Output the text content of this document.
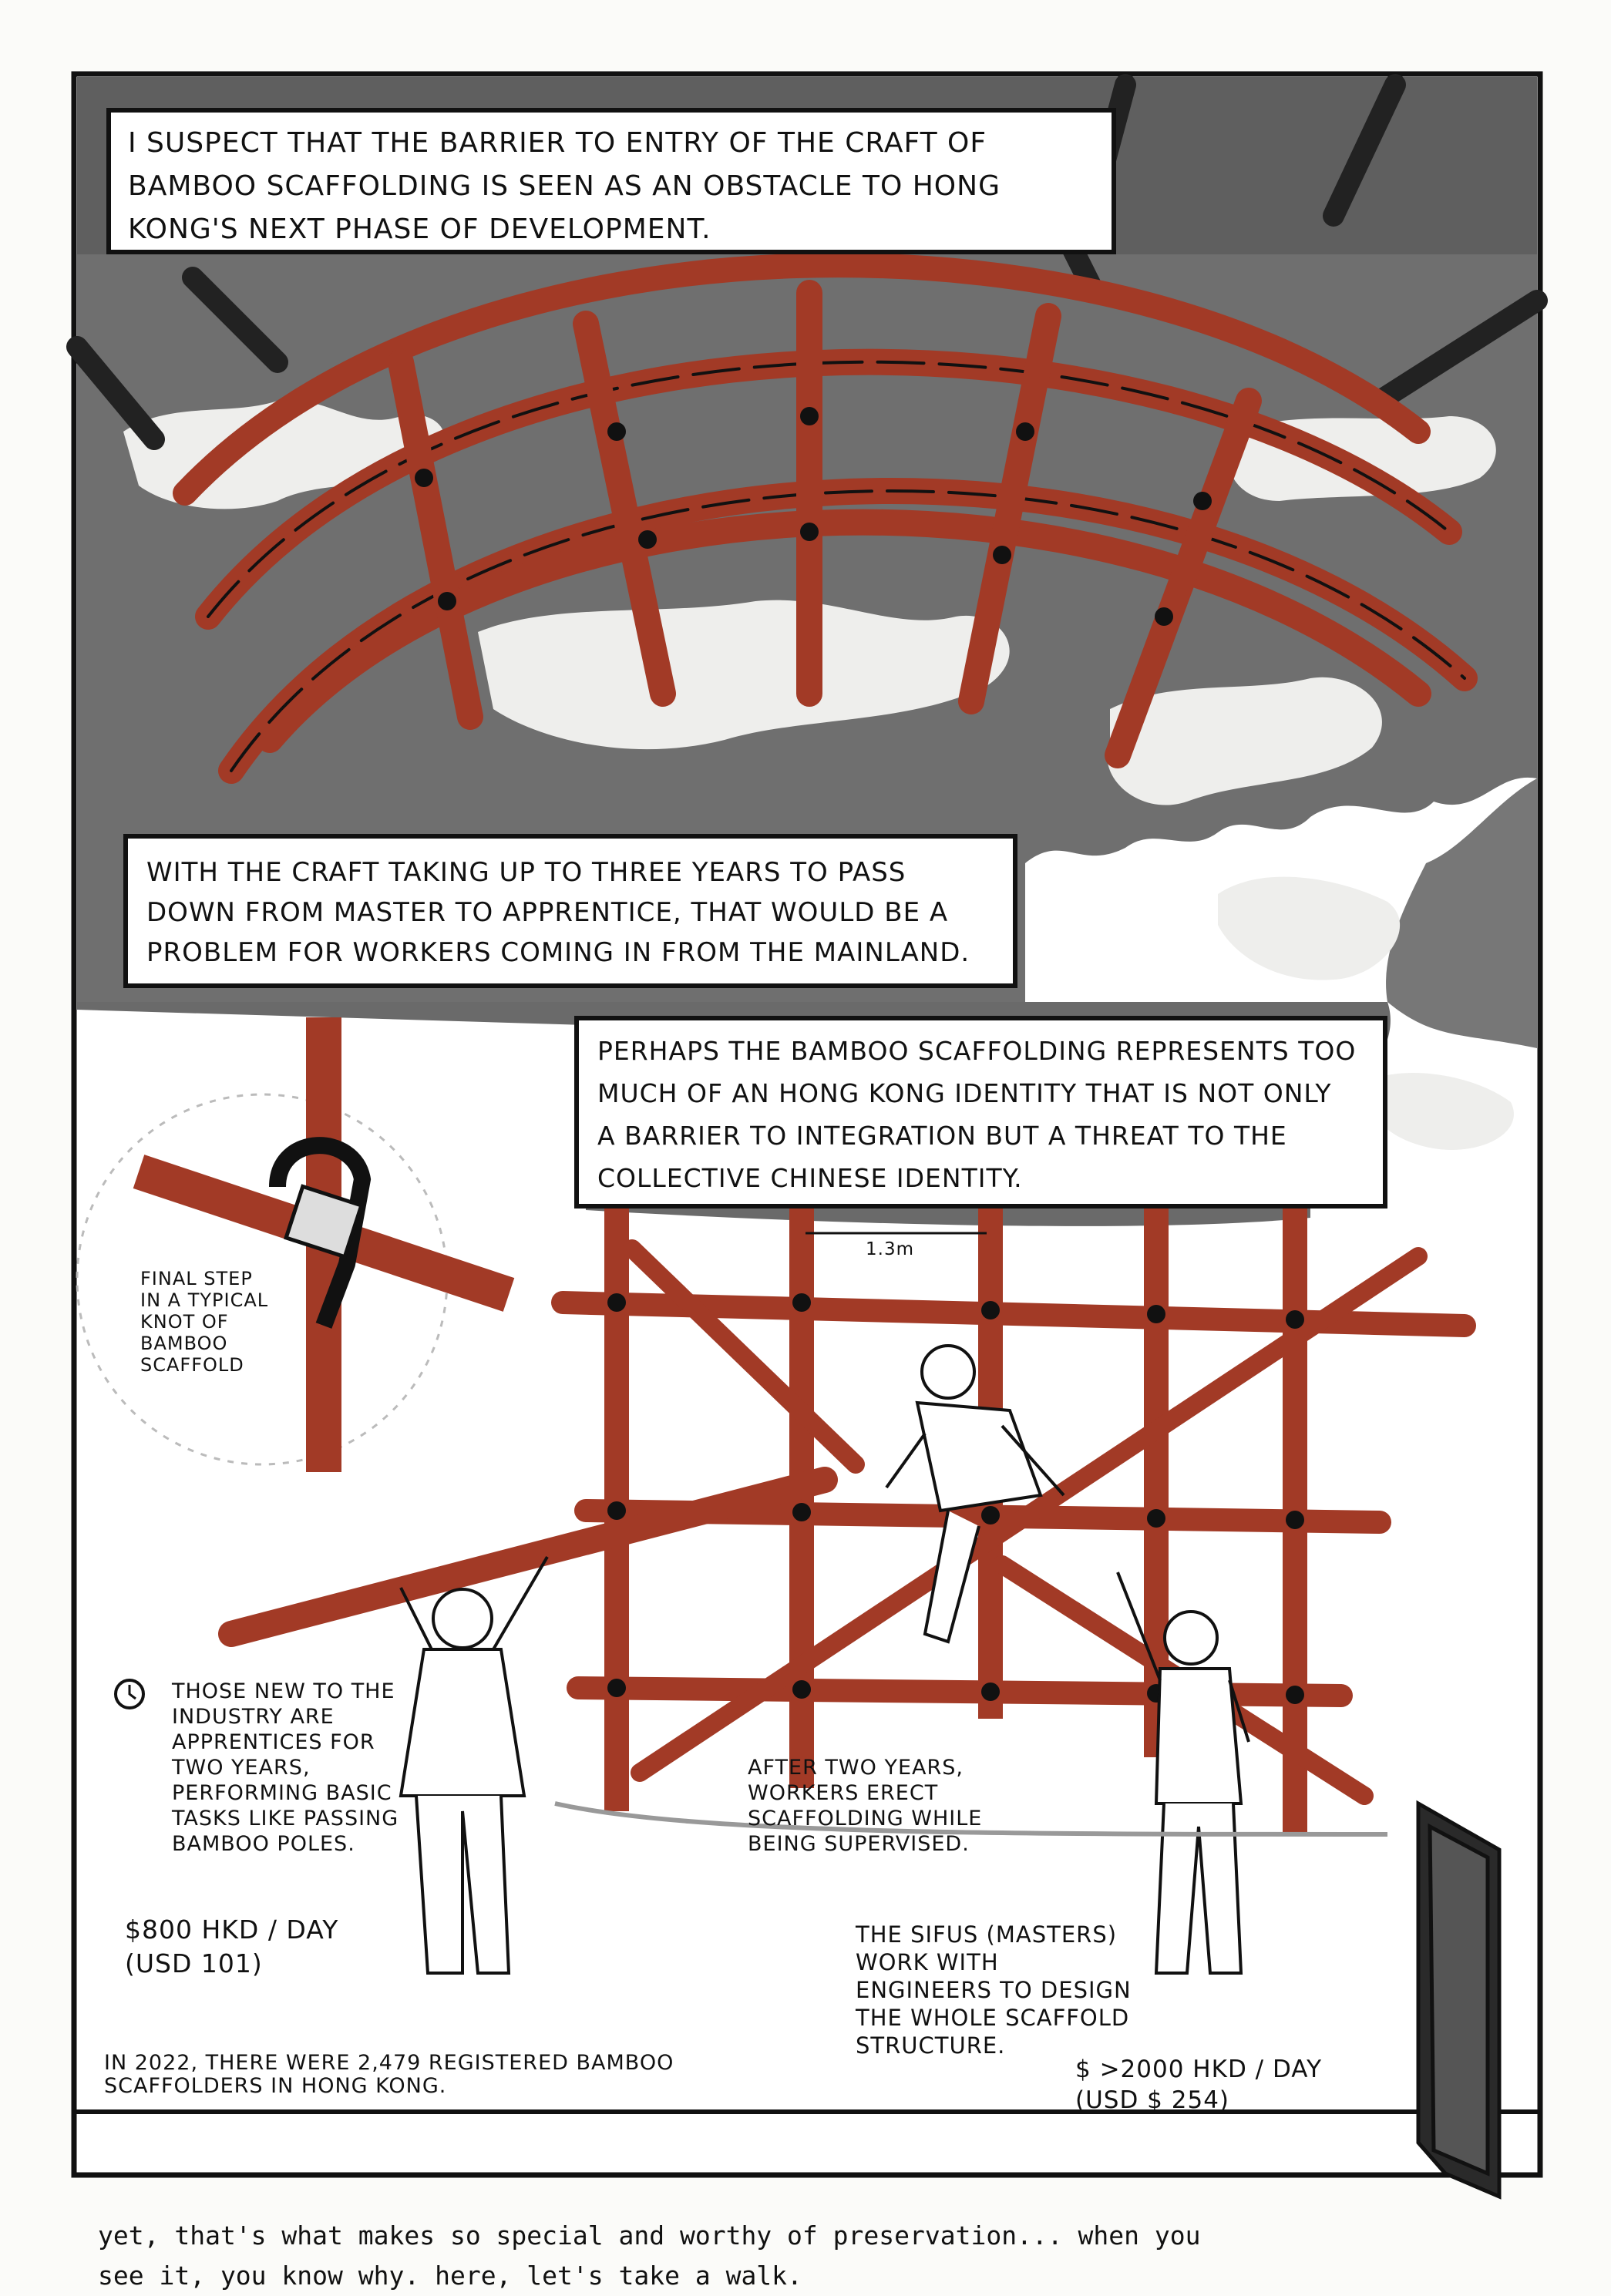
I SUSPECT THAT THE BARRIER TO ENTRY OF THE CRAFT OF
BAMBOO SCAFFOLDING IS SEEN AS AN OBSTACLE TO HONG
KONG'S NEXT PHASE OF DEVELOPMENT.
WITH THE CRAFT TAKING UP TO THREE YEARS TO PASS
DOWN FROM MASTER TO APPRENTICE, THAT WOULD BE A
PROBLEM FOR WORKERS COMING IN FROM THE MAINLAND.
PERHAPS THE BAMBOO SCAFFOLDING REPRESENTS TOO
MUCH OF AN HONG KONG IDENTITY THAT IS NOT ONLY
A BARRIER TO INTEGRATION BUT A THREAT TO THE
COLLECTIVE CHINESE IDENTITY.
1.3m
FINAL STEP
IN A TYPICAL
KNOT OF
BAMBOO
SCAFFOLD
THOSE NEW TO THE
INDUSTRY ARE
APPRENTICES FOR
TWO YEARS,
PERFORMING BASIC
TASKS LIKE PASSING
BAMBOO POLES.
$800 HKD / DAY
(USD 101)
AFTER TWO YEARS,
WORKERS ERECT
SCAFFOLDING WHILE
BEING SUPERVISED.
THE SIFUS (MASTERS)
WORK WITH
ENGINEERS TO DESIGN
THE WHOLE SCAFFOLD
STRUCTURE.
$ >2000 HKD / DAY
(USD $ 254)
IN 2022, THERE WERE 2,479 REGISTERED BAMBOO
SCAFFOLDERS IN HONG KONG.
yet, that's what makes so special and worthy of preservation... when you
see it, you know why. here, let's take a walk.
